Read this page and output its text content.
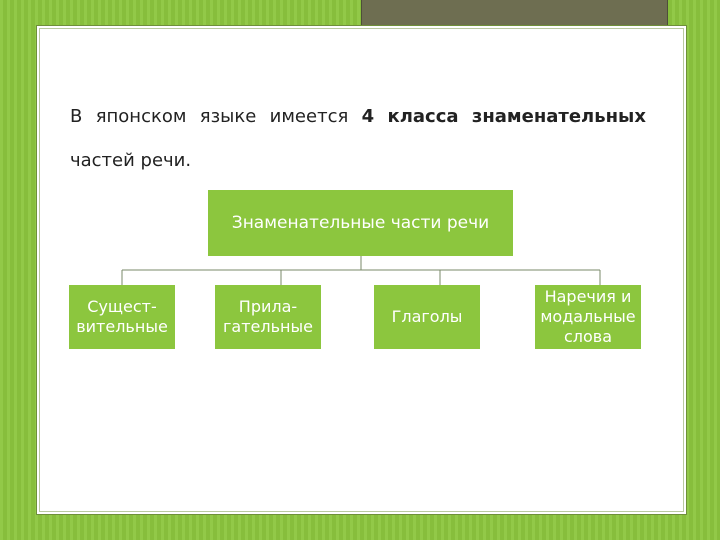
В японском языке имеется 4 класса знаменательных
частей речи.
Знаменательные части речи
Сущест-
вительные
Прила-
гательные
Глаголы
Наречия и
модальные
слова
